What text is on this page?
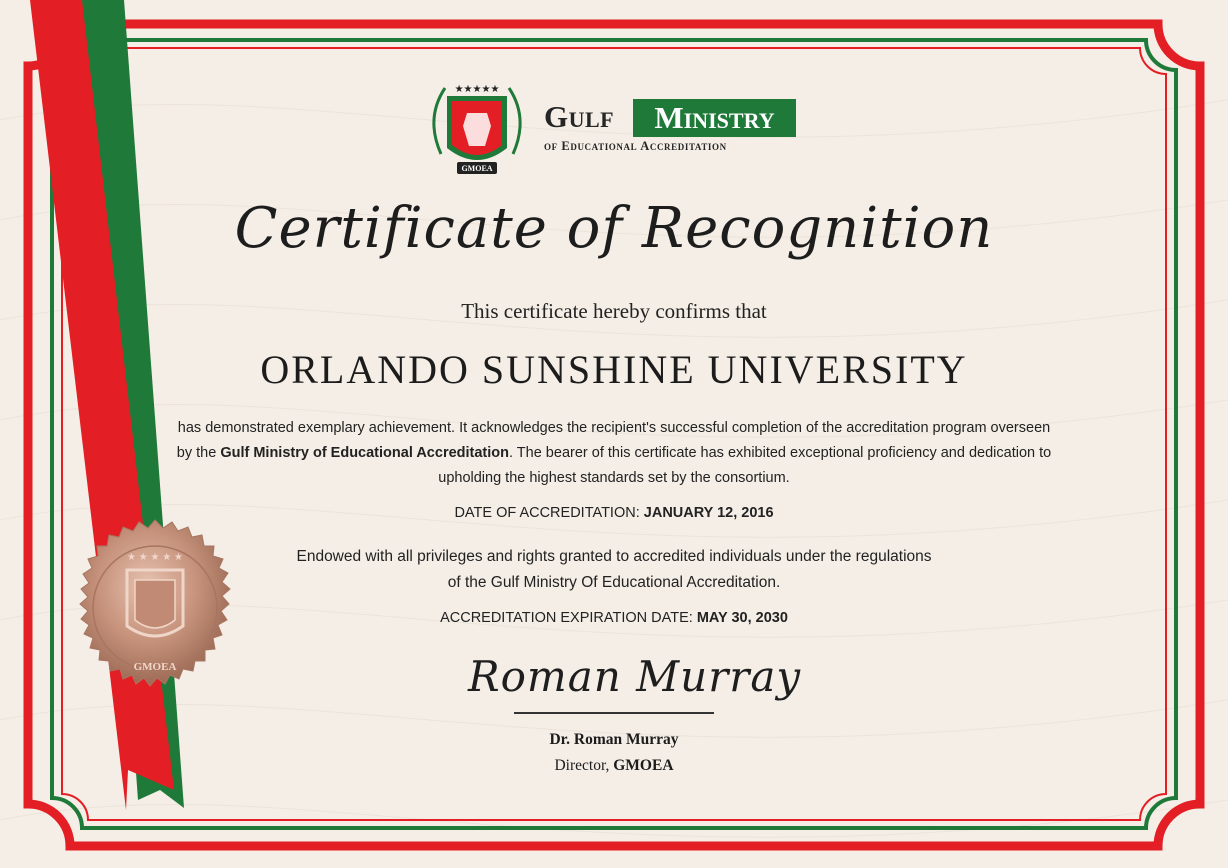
★ ★ ★ ★ ★
GMOEA
★★★★★
GMOEA
Gulf	Ministry
of Educational Accreditation
Certificate of Recognition
This certificate hereby confirms that
ORLANDO SUNSHINE UNIVERSITY
has demonstrated exemplary achievement. It acknowledges the recipient's successful completion of the accreditation program overseen by the Gulf Ministry of Educational Accreditation. The bearer of this certificate has exhibited exceptional proficiency and dedication to upholding the highest standards set by the consortium.
DATE OF ACCREDITATION: JANUARY 12, 2016
Endowed with all privileges and rights granted to accredited individuals under the regulations
of the Gulf Ministry Of Educational Accreditation.
ACCREDITATION EXPIRATION DATE: MAY 30, 2030
Roman Murray
Dr. Roman Murray
Director, GMOEA
